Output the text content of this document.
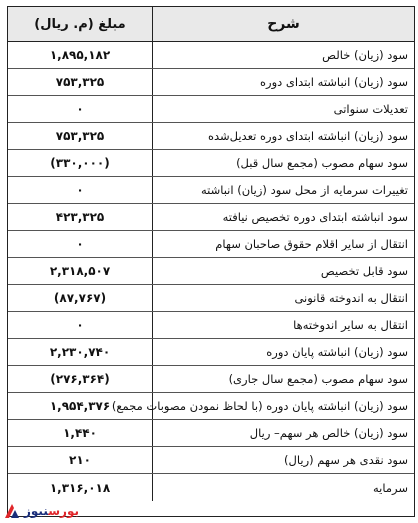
شرح
مبلغ (م. ریال)
سود (زیان) خالص
۱,۸۹۵,۱۸۲
سود (زیان) انباشته ابتدای دوره
۷۵۳,۳۲۵
تعدیلات سنواتی
۰
سود (زیان) انباشته ابتدای دوره تعدیل‌شده
۷۵۳,۳۲۵
سود سهام مصوب (مجمع سال قبل)
(۳۳۰,۰۰۰)
تغییرات سرمایه از محل سود (زیان) انباشته
۰
سود انباشته ابتدای دوره تخصیص نیافته
۴۲۳,۳۲۵
انتقال از سایر اقلام حقوق صاحبان سهام
۰
سود قابل تخصیص
۲,۳۱۸,۵۰۷
انتقال به اندوخته قانونی
(۸۷,۷۶۷)
انتقال به سایر اندوخته‌ها
۰
سود (زیان) انباشته پایان دوره
۲,۲۳۰,۷۴۰
سود سهام مصوب (مجمع سال جاری)
(۲۷۶,۳۶۴)
سود (زیان) انباشته پایان دوره (با لحاظ نمودن مصوبات مجمع)
۱,۹۵۴,۳۷۶
سود (زیان) خالص هر سهم– ریال
۱,۴۴۰
سود نقدی هر سهم (ریال)
۲۱۰
سرمایه
۱,۳۱۶,۰۱۸
بورسنیوز
